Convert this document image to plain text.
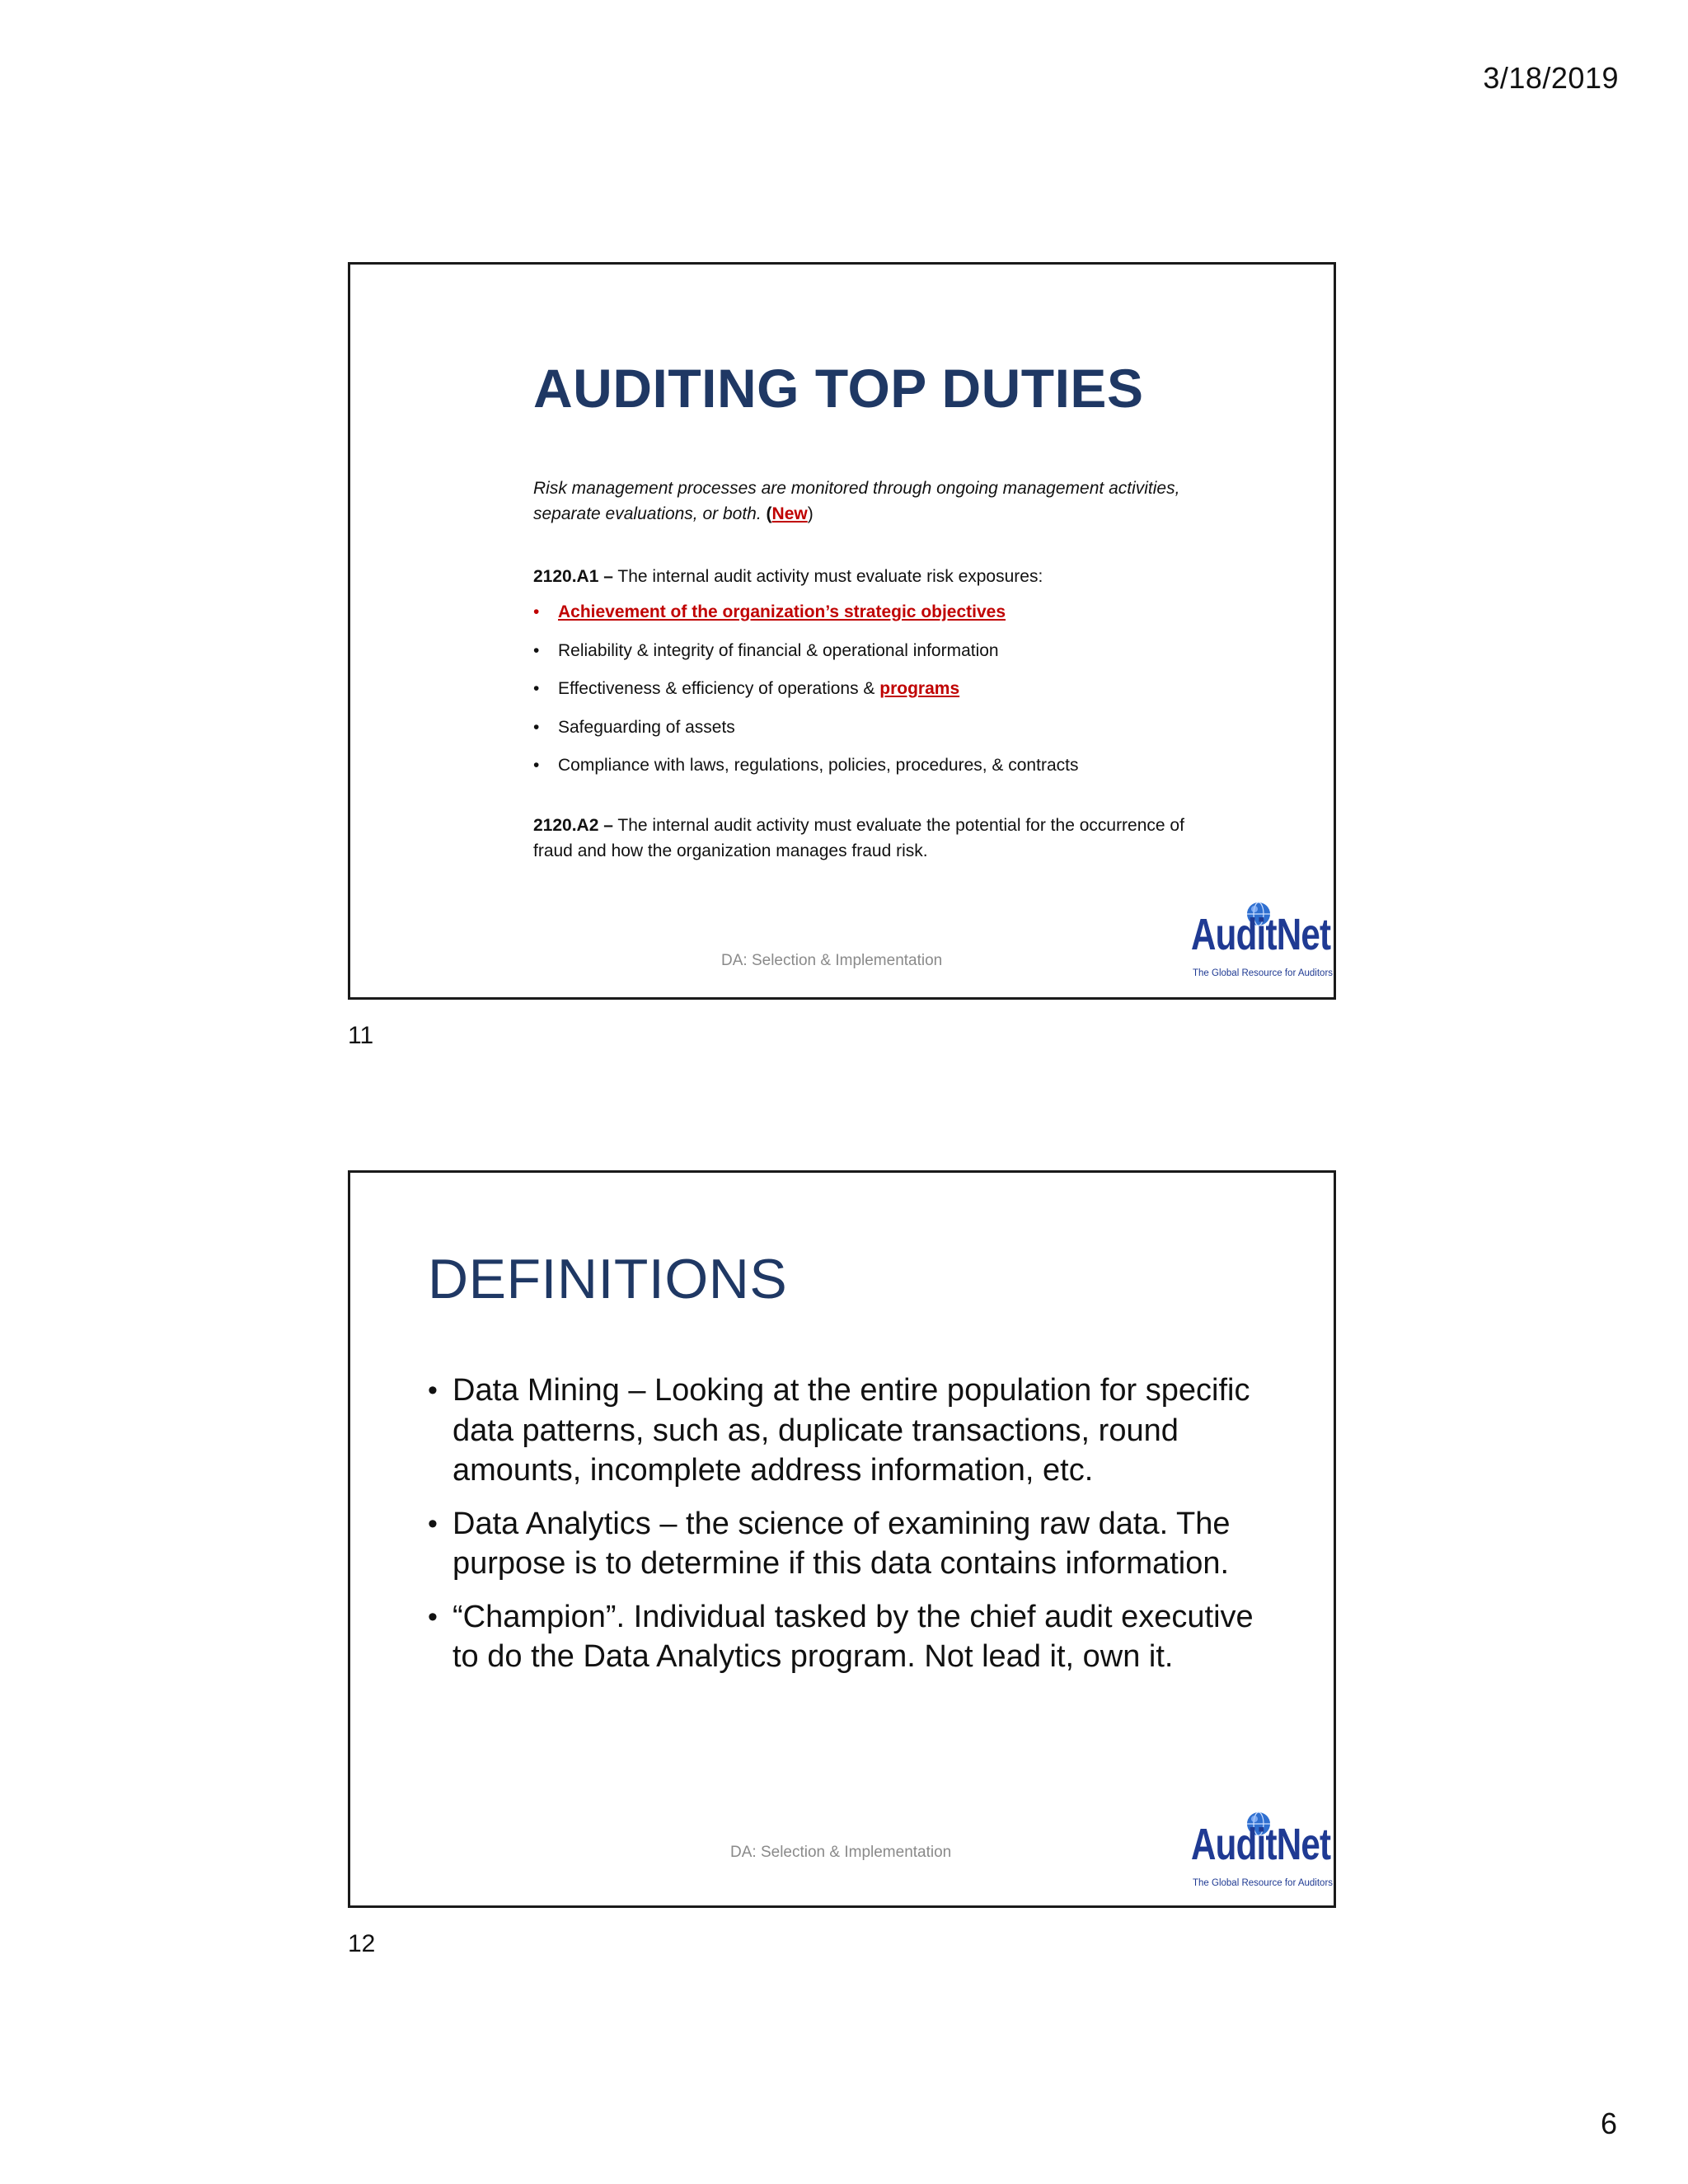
3/18/2019
AUDITING TOP DUTIES

Risk management processes are monitored through ongoing management activities, separate evaluations, or both. (New)

2120.A1 – The internal audit activity must evaluate risk exposures:

• Achievement of the organization’s strategic objectives
• Reliability & integrity of financial & operational information
• Effectiveness & efficiency of operations & programs
• Safeguarding of assets
• Compliance with laws, regulations, policies, procedures, & contracts

2120.A2 – The internal audit activity must evaluate the potential for the occurrence of fraud and how the organization manages fraud risk.

DA: Selection & Implementation
AuditNet
The Global Resource for Auditors
11
DEFINITIONS
• Data Mining – Looking at the entire population for specific data patterns, such as, duplicate transactions, round amounts, incomplete address information, etc.
• Data Analytics – the science of examining raw data. The purpose is to determine if this data contains information.
• “Champion”. Individual tasked by the chief audit executive to do the Data Analytics program. Not lead it, own it.
DA: Selection & Implementation	AuditNet
The Global Resource for Auditors
12
6
